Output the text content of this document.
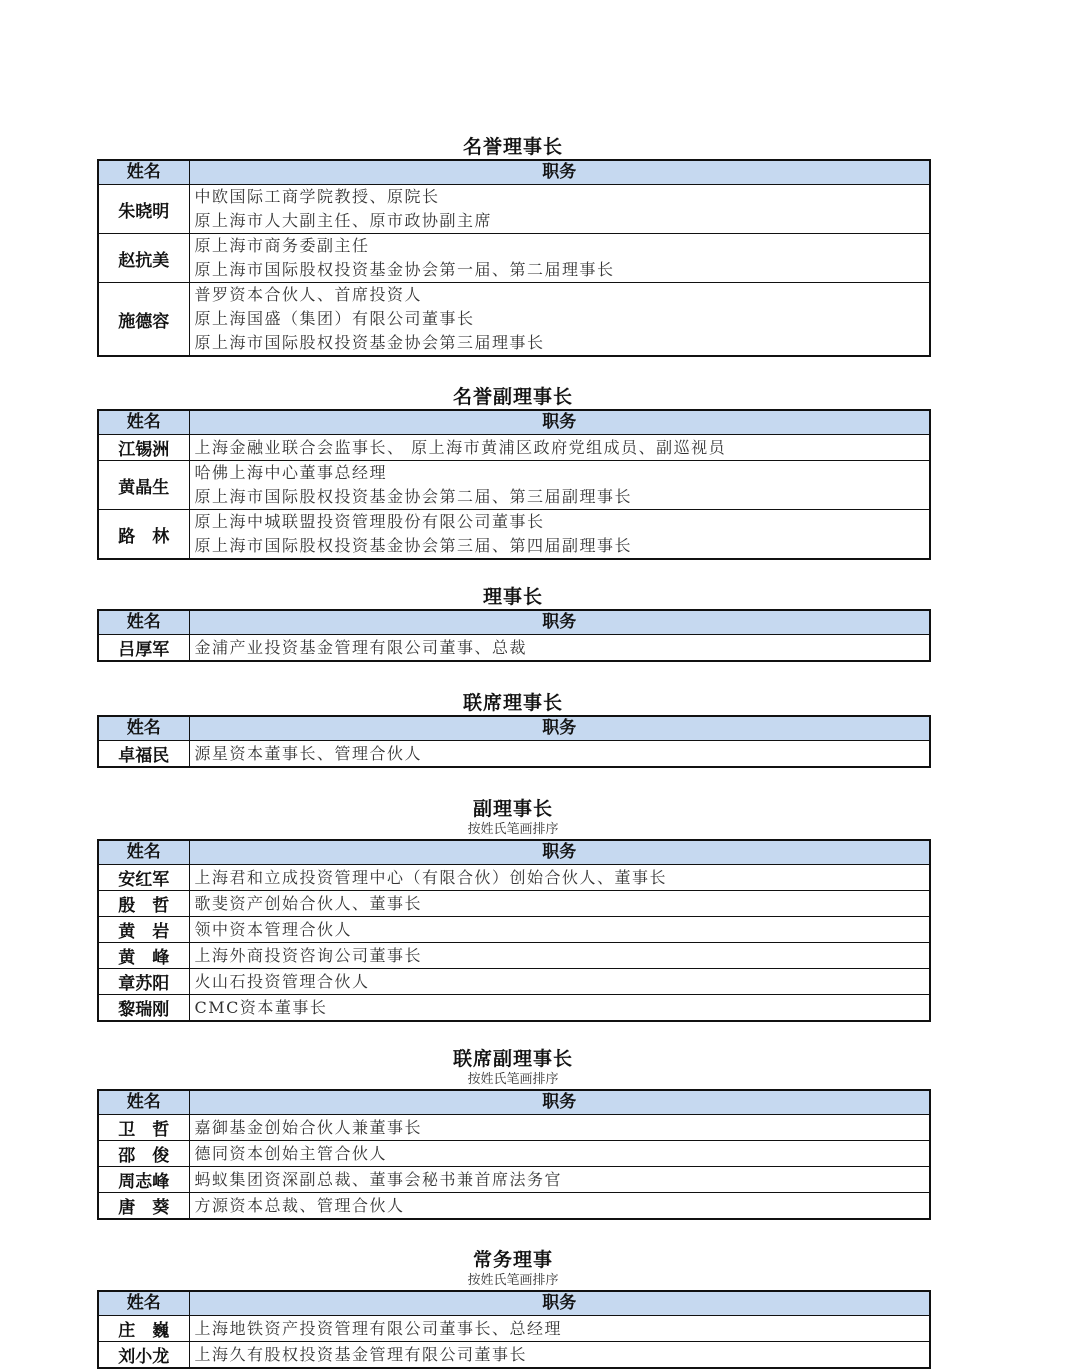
名誉理事长
姓名	职务
朱晓明	中欧国际工商学院教授、原院长
原上海市人大副主任、原市政协副主席

赵抗美	原上海市商务委副主任
原上海市国际股权投资基金协会第一届、第二届理事长

施德容	普罗资本合伙人、首席投资人
原上海国盛（集团）有限公司董事长
原上海市国际股权投资基金协会第三届理事长
名誉副理事长
姓名	职务
江锡洲	上海金融业联合会监事长、 原上海市黄浦区政府党组成员、副巡视员

黄晶生	哈佛上海中心董事总经理
原上海市国际股权投资基金协会第二届、第三届副理事长

路　林	原上海中城联盟投资管理股份有限公司董事长
原上海市国际股权投资基金协会第三届、第四届副理事长
理事长
姓名	职务
吕厚军	金浦产业投资基金管理有限公司董事、总裁
联席理事长
姓名	职务
卓福民	源星资本董事长、管理合伙人
副理事长
按姓氏笔画排序
姓名	职务
安红军	上海君和立成投资管理中心（有限合伙）创始合伙人、董事长

殷　哲	歌斐资产创始合伙人、董事长

黄　岩	领中资本管理合伙人

黄　峰	上海外商投资咨询公司董事长

章苏阳	火山石投资管理合伙人

黎瑞刚	CMC资本董事长
联席副理事长
按姓氏笔画排序
姓名	职务
卫　哲	嘉御基金创始合伙人兼董事长

邵　俊	德同资本创始主管合伙人

周志峰	蚂蚁集团资深副总裁、董事会秘书兼首席法务官

唐　葵	方源资本总裁、管理合伙人
常务理事
按姓氏笔画排序
姓名	职务
庄　巍	上海地铁资产投资管理有限公司董事长、总经理

刘小龙	上海久有股权投资基金管理有限公司董事长
